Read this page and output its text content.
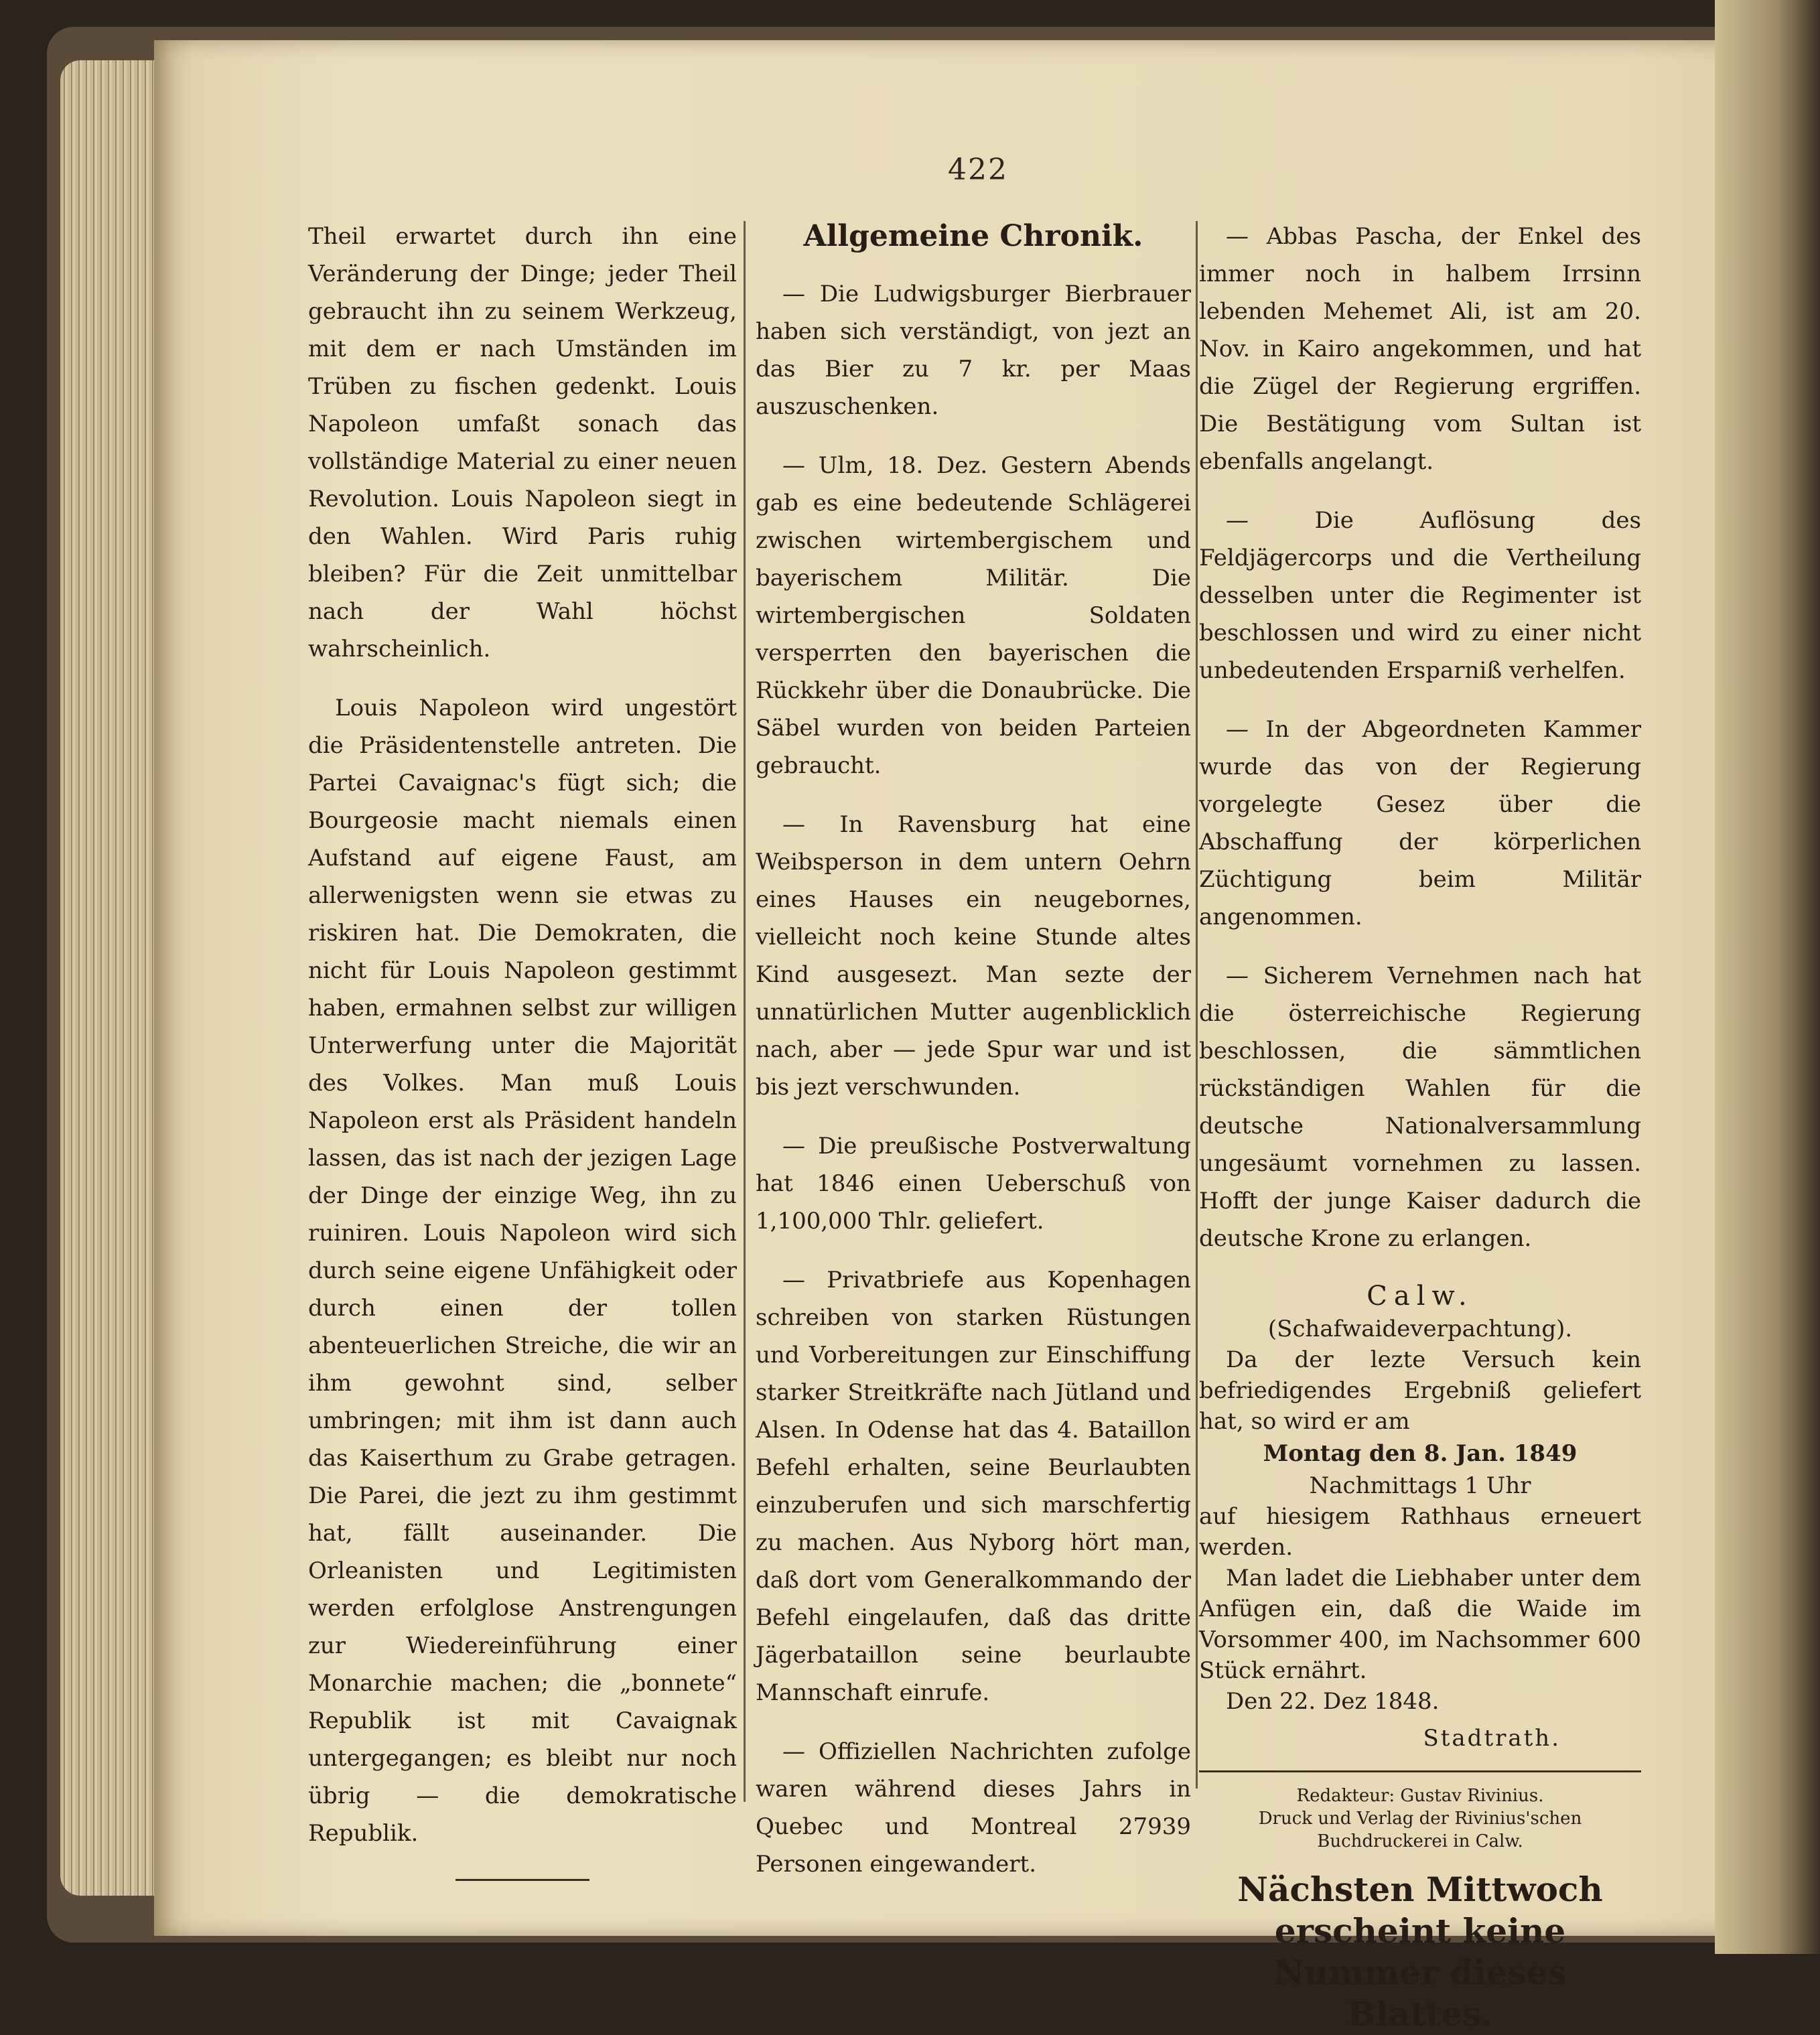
422

Theil erwartet durch ihn eine Veränderung der Dinge; jeder Theil gebraucht ihn zu seinem Werkzeug, mit dem er nach Umständen im Trüben zu fischen gedenkt. Louis Napoleon umfaßt sonach das vollständige Material zu einer neuen Revolution. Louis Napoleon siegt in den Wahlen. Wird Paris ruhig bleiben? Für die Zeit unmittelbar nach der Wahl höchst wahrscheinlich.

Louis Napoleon wird ungestört die Präsidentenstelle antreten. Die Partei Cavaignac's fügt sich; die Bourgeosie macht niemals einen Aufstand auf eigene Faust, am allerwenigsten wenn sie etwas zu riskiren hat. Die Demokraten, die nicht für Louis Napoleon gestimmt haben, ermahnen selbst zur willigen Unterwerfung unter die Majorität des Volkes. Man muß Louis Napoleon erst als Präsident handeln lassen, das ist nach der jezigen Lage der Dinge der einzige Weg, ihn zu ruiniren. Louis Napoleon wird sich durch seine eigene Unfähigkeit oder durch einen der tollen abenteuerlichen Streiche, die wir an ihm gewohnt sind, selber umbringen; mit ihm ist dann auch das Kaiserthum zu Grabe getragen. Die Parei, die jezt zu ihm gestimmt hat, fällt auseinander. Die Orleanisten und Legitimisten werden erfolglose Anstrengungen zur Wiedereinführung einer Monarchie machen; die „bonnete“ Republik ist mit Cavaignak untergegangen; es bleibt nur noch übrig — die demokratische Republik.

Allgemeine Chronik.

— Die Ludwigsburger Bierbrauer haben sich verständigt, von jezt an das Bier zu 7 kr. per Maas auszuschenken.

— Ulm, 18. Dez. Gestern Abends gab es eine bedeutende Schlägerei zwischen wirtembergischem und bayerischem Militär. Die wirtembergischen Soldaten versperrten den bayerischen die Rückkehr über die Donaubrücke. Die Säbel wurden von beiden Parteien gebraucht.

— In Ravensburg hat eine Weibsperson in dem untern Oehrn eines Hauses ein neugebornes, vielleicht noch keine Stunde altes Kind ausgesezt. Man sezte der unnatürlichen Mutter augenblicklich nach, aber — jede Spur war und ist bis jezt verschwunden.

— Die preußische Postverwaltung hat 1846 einen Ueberschuß von 1,100,000 Thlr. geliefert.

— Privatbriefe aus Kopenhagen schreiben von starken Rüstungen und Vorbereitungen zur Einschiffung starker Streitkräfte nach Jütland und Alsen. In Odense hat das 4. Bataillon Befehl erhalten, seine Beurlaubten einzuberufen und sich marschfertig zu machen. Aus Nyborg hört man, daß dort vom Generalkommando der Befehl eingelaufen, daß das dritte Jägerbataillon seine beurlaubte Mannschaft einrufe.

— Offiziellen Nachrichten zufolge waren während dieses Jahrs in Quebec und Montreal 27939 Personen eingewandert.

— Abbas Pascha, der Enkel des immer noch in halbem Irrsinn lebenden Mehemet Ali, ist am 20. Nov. in Kairo angekommen, und hat die Zügel der Regierung ergriffen. Die Bestätigung vom Sultan ist ebenfalls angelangt.

— Die Auflösung des Feldjägercorps und die Vertheilung desselben unter die Regimenter ist beschlossen und wird zu einer nicht unbedeutenden Ersparniß verhelfen.

— In der Abgeordneten Kammer wurde das von der Regierung vorgelegte Gesez über die Abschaffung der körperlichen Züchtigung beim Militär angenommen.

— Sicherem Vernehmen nach hat die österreichische Regierung beschlossen, die sämmtlichen rückständigen Wahlen für die deutsche Nationalversammlung ungesäumt vornehmen zu lassen. Hofft der junge Kaiser dadurch die deutsche Krone zu erlangen.

Calw.
(Schafwaideverpachtung).
Da der lezte Versuch kein befriedigendes Ergebniß geliefert hat, so wird er am
Montag den 8. Jan. 1849
Nachmittags 1 Uhr
auf hiesigem Rathhaus erneuert werden.
Man ladet die Liebhaber unter dem Anfügen ein, daß die Waide im Vorsommer 400, im Nachsommer 600 Stück ernährt.
Den 22. Dez 1848.
Stadtrath.
Redakteur: Gustav Rivinius.
Druck und Verlag der Rivinius'schen Buchdruckerei in Calw.
Nächsten Mittwoch erscheint keine Nummer dieses Blattes.
